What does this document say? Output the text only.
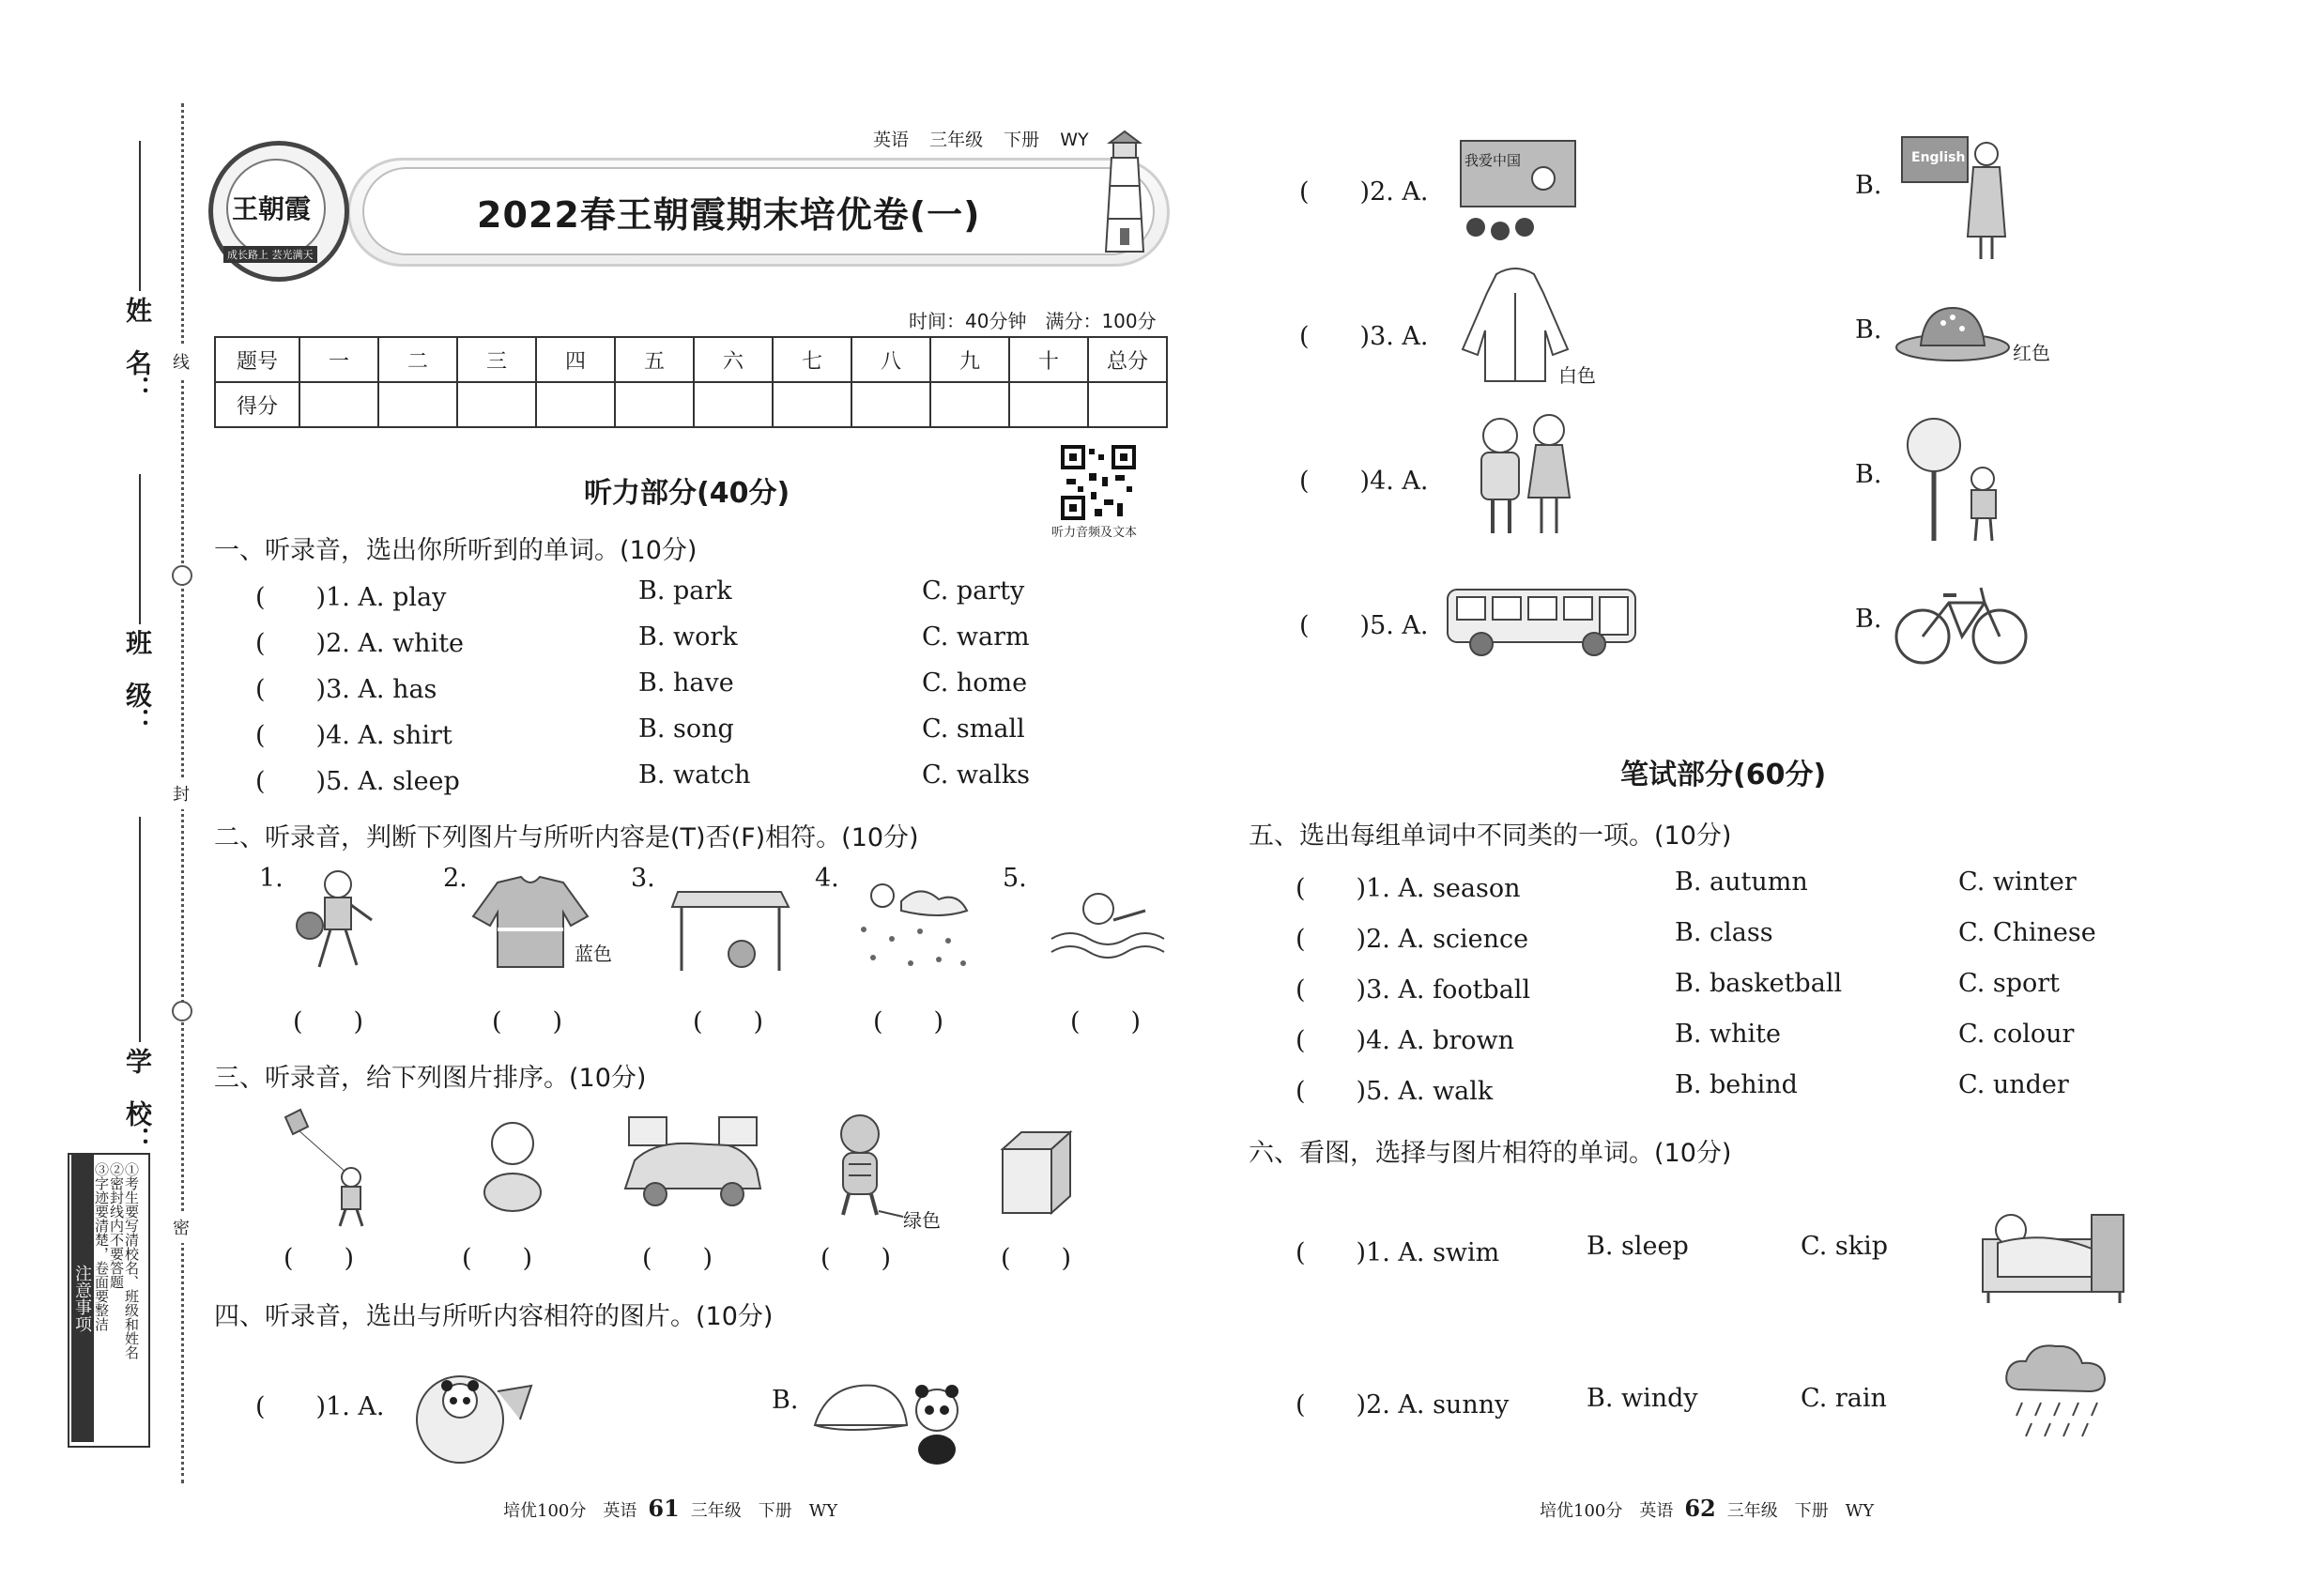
线
封
密
姓　名：
班　级：
学　校：
注意事项 ①考生要写清校名、班级和姓名
②密封线内不要答题
③字迹要清楚，卷面要整洁
王朝霞
成长路上 芸光满天
英语 三年级 下册 WY
2022春王朝霞期末培优卷(一)
时间：40分钟　满分：100分
题号	一	二	三	四	五	六	七	八	九	十	总分
得分											
听力音频及文本
听力部分(40分)
一、听录音，选出你所听到的单词。(10分)
(　　)1. A. play	B. park	C. party
(　　)2. A. white	B. work	C. warm
(　　)3. A. has	B. have	C. home
(　　)4. A. shirt	B. song	C. small
(　　)5. A. sleep	B. watch	C. walks
二、听录音，判断下列图片与所听内容是(T)否(F)相符。(10分)
1.	2.	3.	4.	5.
蓝色
(　　)	(　　)	(　　)	(　　)	(　　)
三、听录音，给下列图片排序。(10分)
绿色
(　　)	(　　)	(　　)	(　　)	(　　)
四、听录音，选出与所听内容相符的图片。(10分)
(　　)1. A.	B.
(　　)2. A.
我爱中国
B.
English
(　　)3. A.
白色
B.
红色
(　　)4. A.	B.
(　　)5. A.	B.
笔试部分(60分)
五、选出每组单词中不同类的一项。(10分)
(　　)1. A. season	B. autumn	C. winter
(　　)2. A. science	B. class	C. Chinese
(　　)3. A. football	B. basketball	C. sport
(　　)4. A. brown	B. white	C. colour
(　　)5. A. walk	B. behind	C. under
六、看图，选择与图片相符的单词。(10分)
(　　)1. A. swim	B. sleep	C. skip
(　　)2. A. sunny	B. windy	C. rain
培优100分　英语 61 三年级　下册　WY	培优100分　英语 62 三年级　下册　WY
